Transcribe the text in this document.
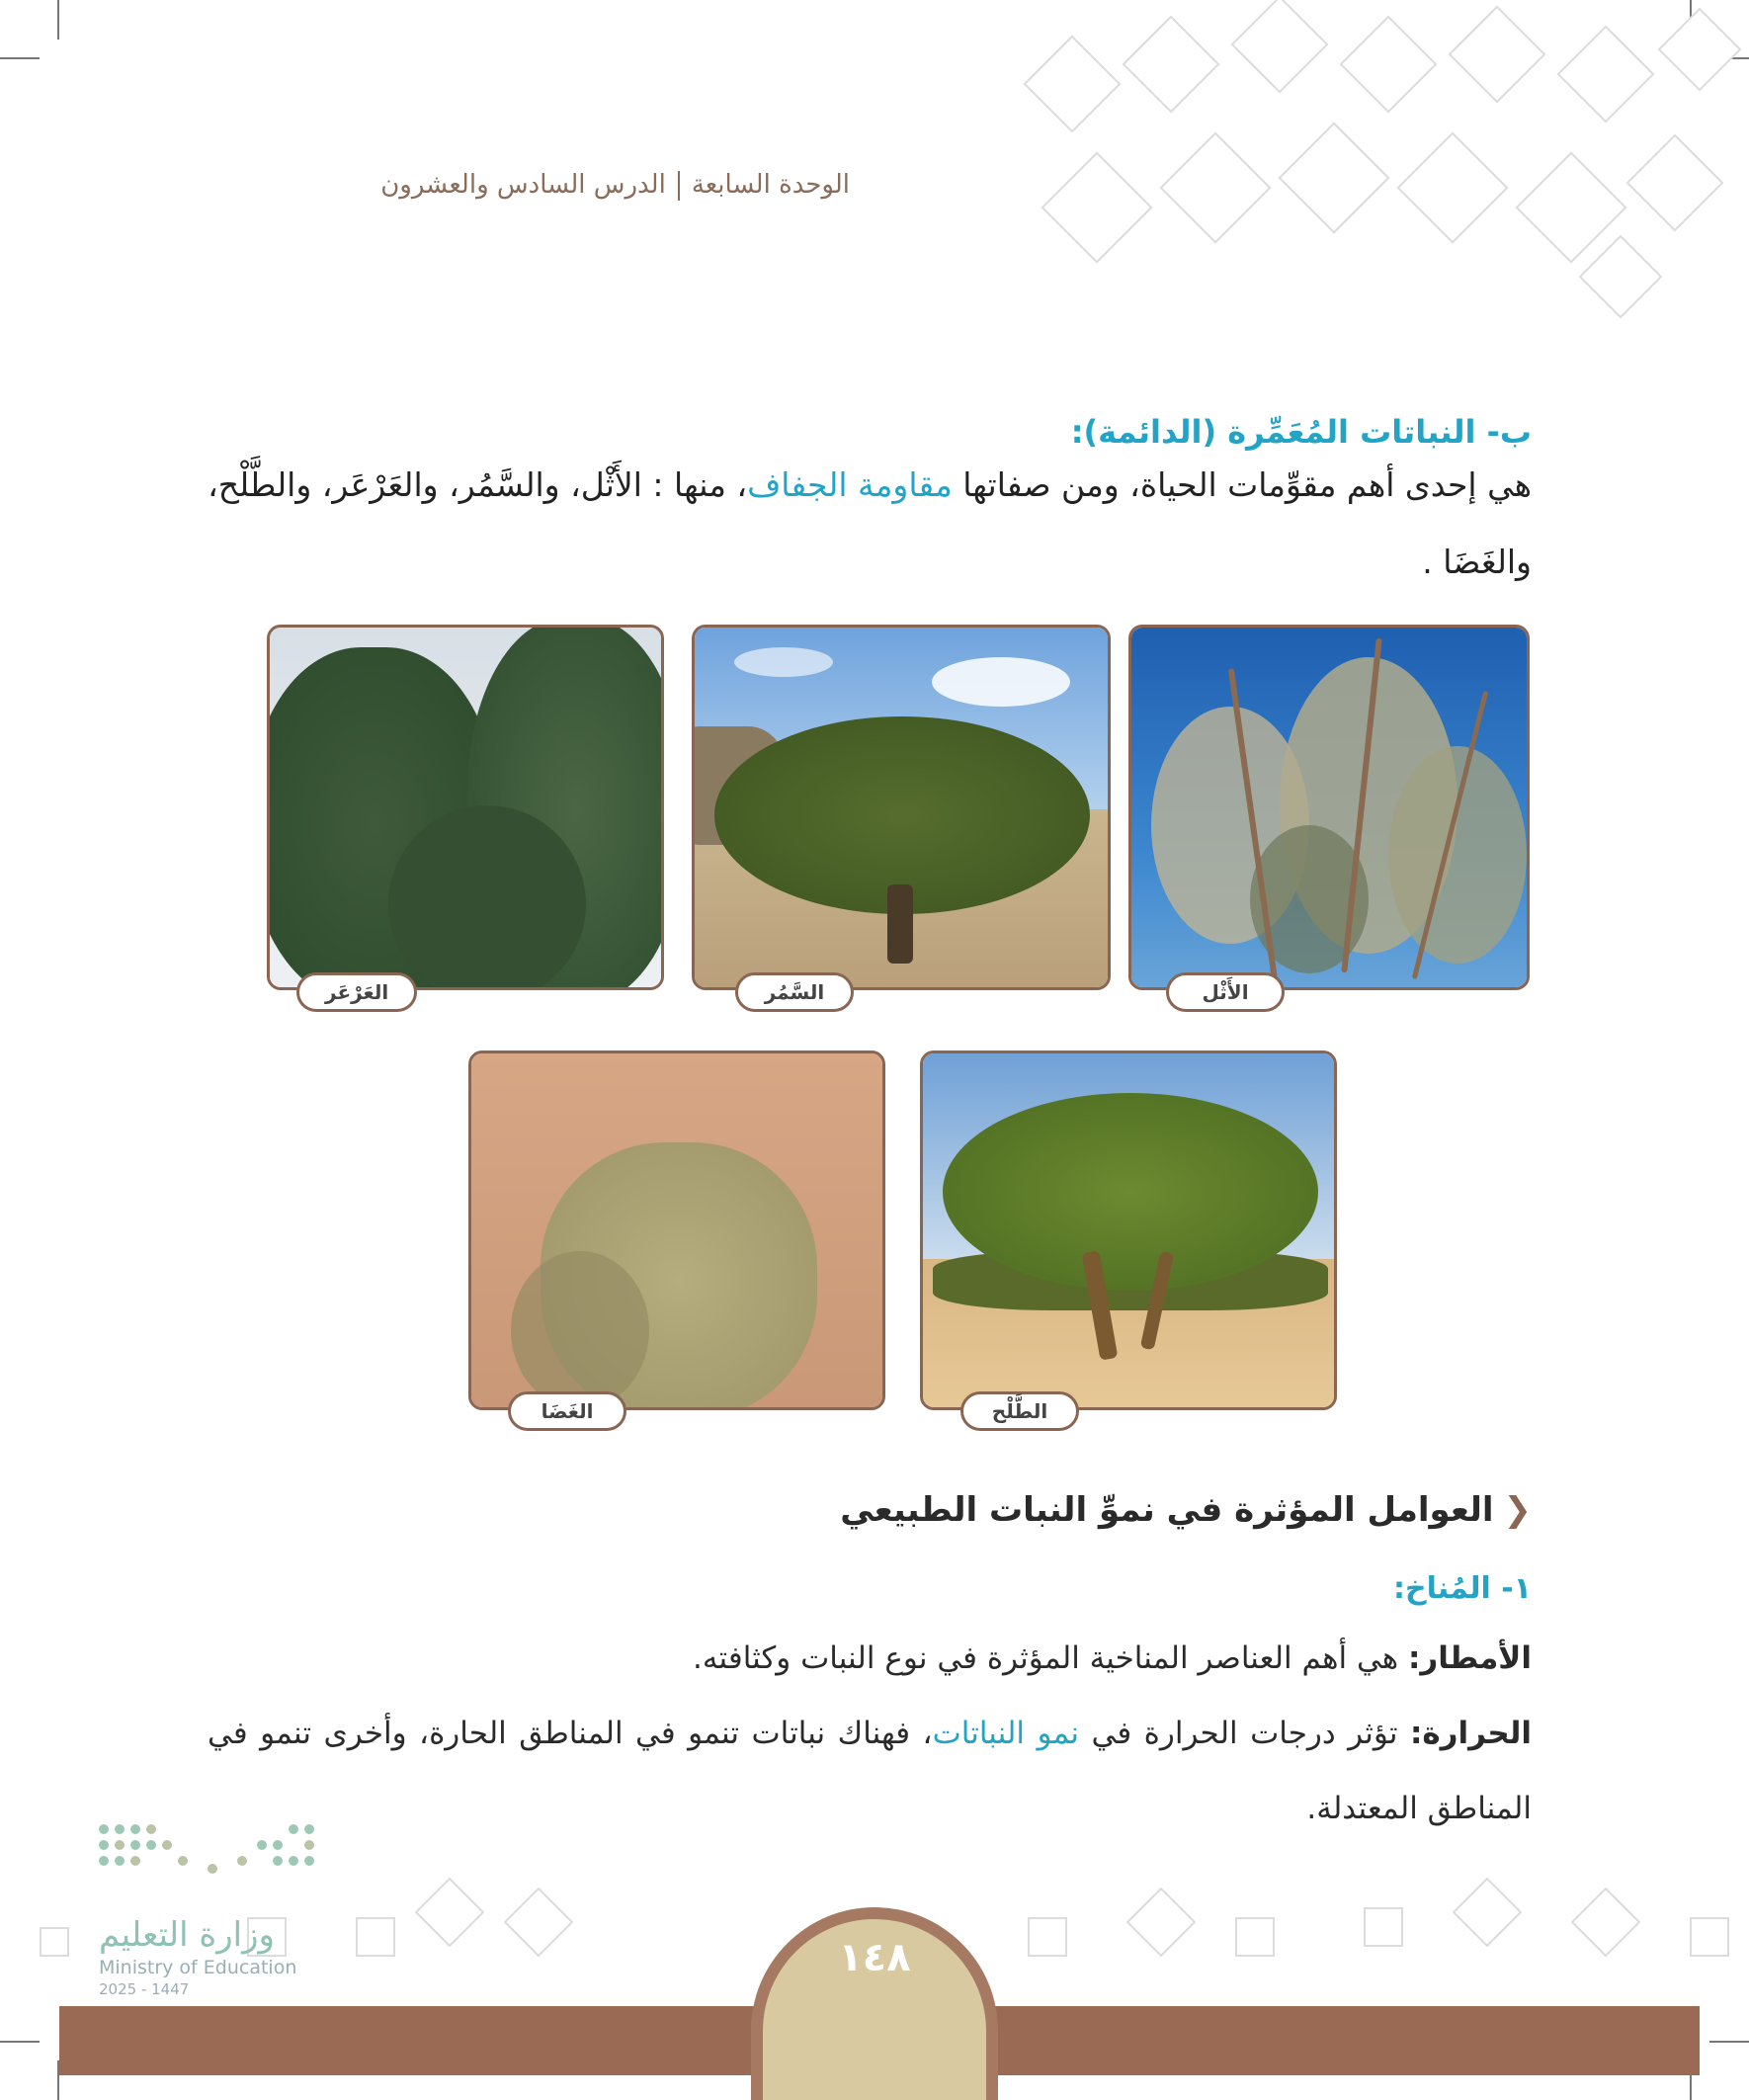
الوحدة السابعةالدرس السادس والعشرون
ب- النباتات المُعَمِّرة (الدائمة):
هي إحدى أهم مقوِّمات الحياة، ومن صفاتها مقاومة الجفاف، منها : الأَثْل، والسَّمُر، والعَرْعَر، والطَّلْح، والغَضَا .
الأَثْل
السَّمُر
العَرْعَر
الطَّلْح
الغَضَا
❮العوامل المؤثرة في نموِّ النبات الطبيعي
١- المُناخ:
الأمطار: هي أهم العناصر المناخية المؤثرة في نوع النبات وكثافته.
الحرارة: تؤثر درجات الحرارة في نمو النباتات، فهناك نباتات تنمو في المناطق الحارة، وأخرى تنمو في المناطق المعتدلة.
وزارة التعليم
Ministry of Education
2025 - 1447
١٤٨
